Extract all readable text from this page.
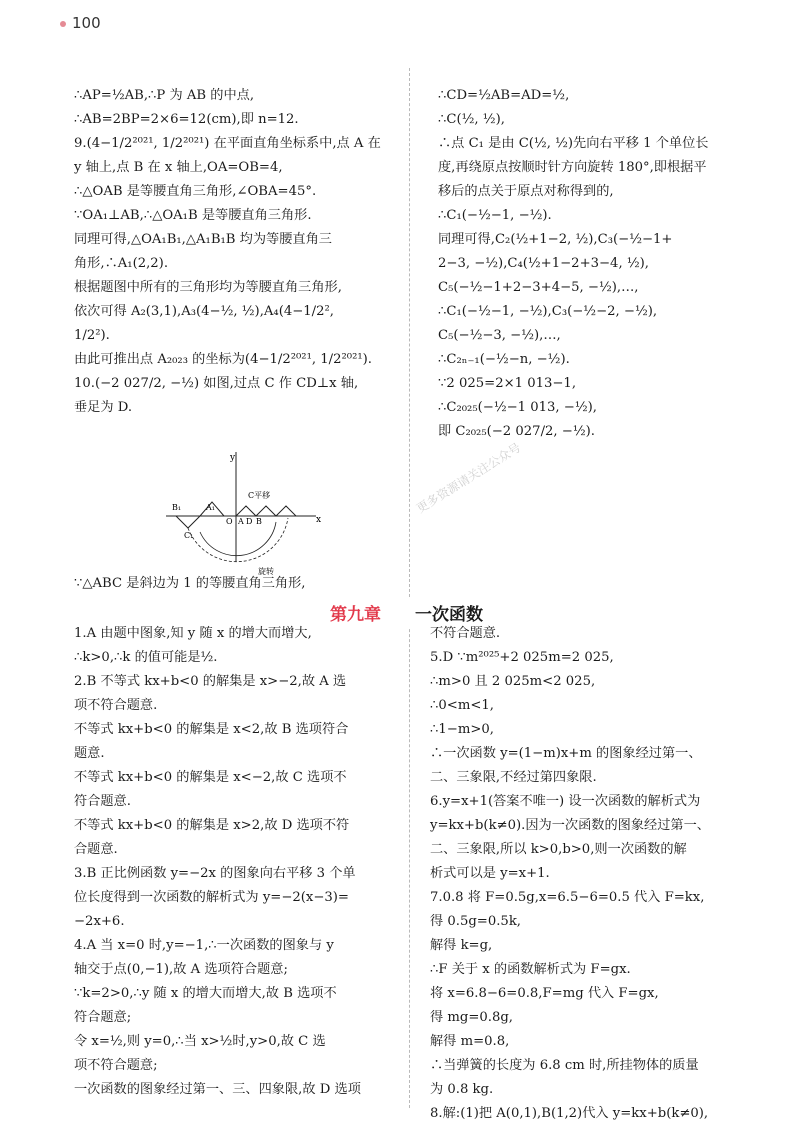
100
∴AP=½AB,∴P 为 AB 的中点,
∴AB=2BP=2×6=12(cm),即 n=12.
9.(4−1/2²⁰²¹, 1/2²⁰²¹) 在平面直角坐标系中,点 A 在
y 轴上,点 B 在 x 轴上,OA=OB=4,
∴△OAB 是等腰直角三角形,∠OBA=45°.
∵OA₁⊥AB,∴△OA₁B 是等腰直角三角形.
同理可得,△OA₁B₁,△A₁B₁B 均为等腰直角三
角形,∴A₁(2,2).
根据题图中所有的三角形均为等腰直角三角形,
依次可得 A₂(3,1),A₃(4−½, ½),A₄(4−1/2²,
1/2²).
由此可推出点 A₂₀₂₃ 的坐标为(4−1/2²⁰²¹, 1/2²⁰²¹).
10.(−2 027/2, −½) 如图,过点 C 作 CD⊥x 轴,
垂足为 D.
y
x
O A D B
B₁	A₁
C₁
C平移
旋转
∵△ABC 是斜边为 1 的等腰直角三角形,
∴CD=½AB=AD=½,
∴C(½, ½),
∴点 C₁ 是由 C(½, ½)先向右平移 1 个单位长
度,再绕原点按顺时针方向旋转 180°,即根据平
移后的点关于原点对称得到的,
∴C₁(−½−1, −½).
同理可得,C₂(½+1−2, ½),C₃(−½−1+
2−3, −½),C₄(½+1−2+3−4, ½),
C₅(−½−1+2−3+4−5, −½),…,
∴C₁(−½−1, −½),C₃(−½−2, −½),
C₅(−½−3, −½),…,
∴C₂ₙ₋₁(−½−n, −½).
∵2 025=2×1 013−1,
∴C₂₀₂₅(−½−1 013, −½),
即 C₂₀₂₅(−2 027/2, −½).
更多资源请关注公众号
第九章 一次函数
1.A 由题中图象,知 y 随 x 的增大而增大,
∴k>0,∴k 的值可能是½.
2.B 不等式 kx+b<0 的解集是 x>−2,故 A 选
项不符合题意.
不等式 kx+b<0 的解集是 x<2,故 B 选项符合
题意.
不等式 kx+b<0 的解集是 x<−2,故 C 选项不
符合题意.
不等式 kx+b<0 的解集是 x>2,故 D 选项不符
合题意.
3.B 正比例函数 y=−2x 的图象向右平移 3 个单
位长度得到一次函数的解析式为 y=−2(x−3)=
−2x+6.
4.A 当 x=0 时,y=−1,∴一次函数的图象与 y
轴交于点(0,−1),故 A 选项符合题意;
∵k=2>0,∴y 随 x 的增大而增大,故 B 选项不
符合题意;
令 x=½,则 y=0,∴当 x>½时,y>0,故 C 选
项不符合题意;
一次函数的图象经过第一、三、四象限,故 D 选项
不符合题意.
5.D ∵m²⁰²⁵+2 025m=2 025,
∴m>0 且 2 025m<2 025,
∴0<m<1,
∴1−m>0,
∴一次函数 y=(1−m)x+m 的图象经过第一、
二、三象限,不经过第四象限.
6.y=x+1(答案不唯一) 设一次函数的解析式为
y=kx+b(k≠0).因为一次函数的图象经过第一、
二、三象限,所以 k>0,b>0,则一次函数的解
析式可以是 y=x+1.
7.0.8 将 F=0.5g,x=6.5−6=0.5 代入 F=kx,
得 0.5g=0.5k,
解得 k=g,
∴F 关于 x 的函数解析式为 F=gx.
将 x=6.8−6=0.8,F=mg 代入 F=gx,
得 mg=0.8g,
解得 m=0.8,
∴当弹簧的长度为 6.8 cm 时,所挂物体的质量
为 0.8 kg.
8.解:(1)把 A(0,1),B(1,2)代入 y=kx+b(k≠0),
